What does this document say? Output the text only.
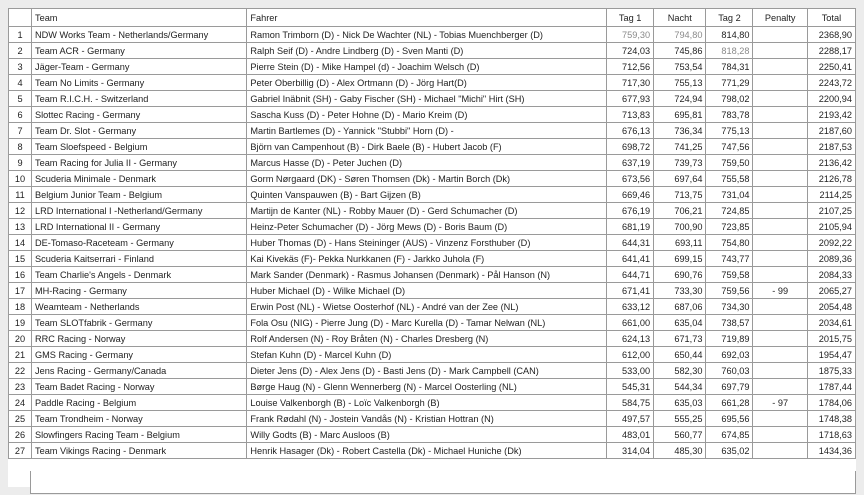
	Team	Fahrer	Tag 1	Nacht	Tag 2	Penalty	Total
1	NDW Works Team - Netherlands/Germany	Ramon Trimborn (D) - Nick De Wachter (NL) - Tobias Muenchberger (D)	759,30	794,80	814,80		2368,90
2	Team ACR - Germany	Ralph Seif (D) - Andre Lindberg (D) - Sven Manti (D)	724,03	745,86	818,28		2288,17
3	Jäger-Team - Germany	Pierre Stein (D) - Mike Hampel (d) - Joachim Welsch (D)	712,56	753,54	784,31		2250,41
4	Team No Limits - Germany	Peter Oberbillig (D) - Alex Ortmann (D) - Jörg Hart(D)	717,30	755,13	771,29		2243,72
5	Team R.I.C.H. - Switzerland	Gabriel Inäbnit (SH) - Gaby Fischer (SH) - Michael "Michi" Hirt (SH)	677,93	724,94	798,02		2200,94
6	Slottec Racing - Germany	Sascha Kuss (D) - Peter Hohne (D) - Mario Kreim (D)	713,83	695,81	783,78		2193,42
7	Team Dr. Slot - Germany	Martin Bartlemes (D) - Yannick "Stubbi" Horn (D) -	676,13	736,34	775,13		2187,60
8	Team Sloefspeed - Belgium	Björn van Campenhout (B) - Dirk Baele (B) - Hubert Jacob (F)	698,72	741,25	747,56		2187,53
9	Team Racing for Julia II - Germany	Marcus Hasse (D) - Peter Juchen (D)	637,19	739,73	759,50		2136,42
10	Scuderia Minimale - Denmark	Gorm Nørgaard (DK) - Søren Thomsen (Dk) - Martin Borch (Dk)	673,56	697,64	755,58		2126,78
11	Belgium Junior Team - Belgium	Quinten Vanspauwen (B) - Bart Gijzen (B)	669,46	713,75	731,04		2114,25
12	LRD International I -Netherland/Germany	Martijn de Kanter (NL) - Robby Mauer (D) - Gerd Schumacher (D)	676,19	706,21	724,85		2107,25
13	LRD International II - Germany	Heinz-Peter Schumacher (D) - Jörg Mews (D) - Boris Baum (D)	681,19	700,90	723,85		2105,94
14	DE-Tomaso-Raceteam - Germany	Huber Thomas (D) - Hans Steininger (AUS) - Vinzenz Forsthuber (D)	644,31	693,11	754,80		2092,22
15	Scuderia Kaitserrari - Finland	Kai Kivekäs (F)- Pekka Nurkkanen (F) - Jarkko Juhola (F)	641,41	699,15	743,77		2089,36
16	Team Charlie's Angels - Denmark	Mark Sander (Denmark) - Rasmus Johansen (Denmark) - Pål Hanson (N)	644,71	690,76	759,58		2084,33
17	MH-Racing - Germany	Huber Michael (D) - Wilke Michael (D)	671,41	733,30	759,56	- 99	2065,27
18	Weamteam - Netherlands	Erwin Post (NL) - Wietse Oosterhof (NL) - André van der Zee (NL)	633,12	687,06	734,30		2054,48
19	Team SLOTfabrik - Germany	Fola Osu (NIG) - Pierre Jung (D) - Marc Kurella (D) - Tamar Nelwan (NL)	661,00	635,04	738,57		2034,61
20	RRC Racing - Norway	Rolf Andersen (N) - Roy Bråten (N) - Charles Dresberg (N)	624,13	671,73	719,89		2015,75
21	GMS Racing - Germany	Stefan Kuhn (D) - Marcel Kuhn (D)	612,00	650,44	692,03		1954,47
22	Jens Racing - Germany/Canada	Dieter Jens (D) - Alex Jens (D) - Basti Jens (D) - Mark Campbell (CAN)	533,00	582,30	760,03		1875,33
23	Team Badet Racing - Norway	Børge Haug (N) - Glenn Wennerberg (N) - Marcel Oosterling (NL)	545,31	544,34	697,79		1787,44
24	Paddle Racing - Belgium	Louise Valkenborgh (B) - Loïc Valkenborgh (B)	584,75	635,03	661,28	- 97	1784,06
25	Team Trondheim - Norway	Frank Rødahl (N) - Jostein Vandås (N) - Kristian Hottran (N)	497,57	555,25	695,56		1748,38
26	Slowfingers Racing Team - Belgium	Willy Godts (B) - Marc Ausloos (B)	483,01	560,77	674,85		1718,63
27	Team Vikings Racing - Denmark	Henrik Hasager (Dk) - Robert Castella (Dk) - Michael Huniche (Dk)	314,04	485,30	635,02		1434,36
